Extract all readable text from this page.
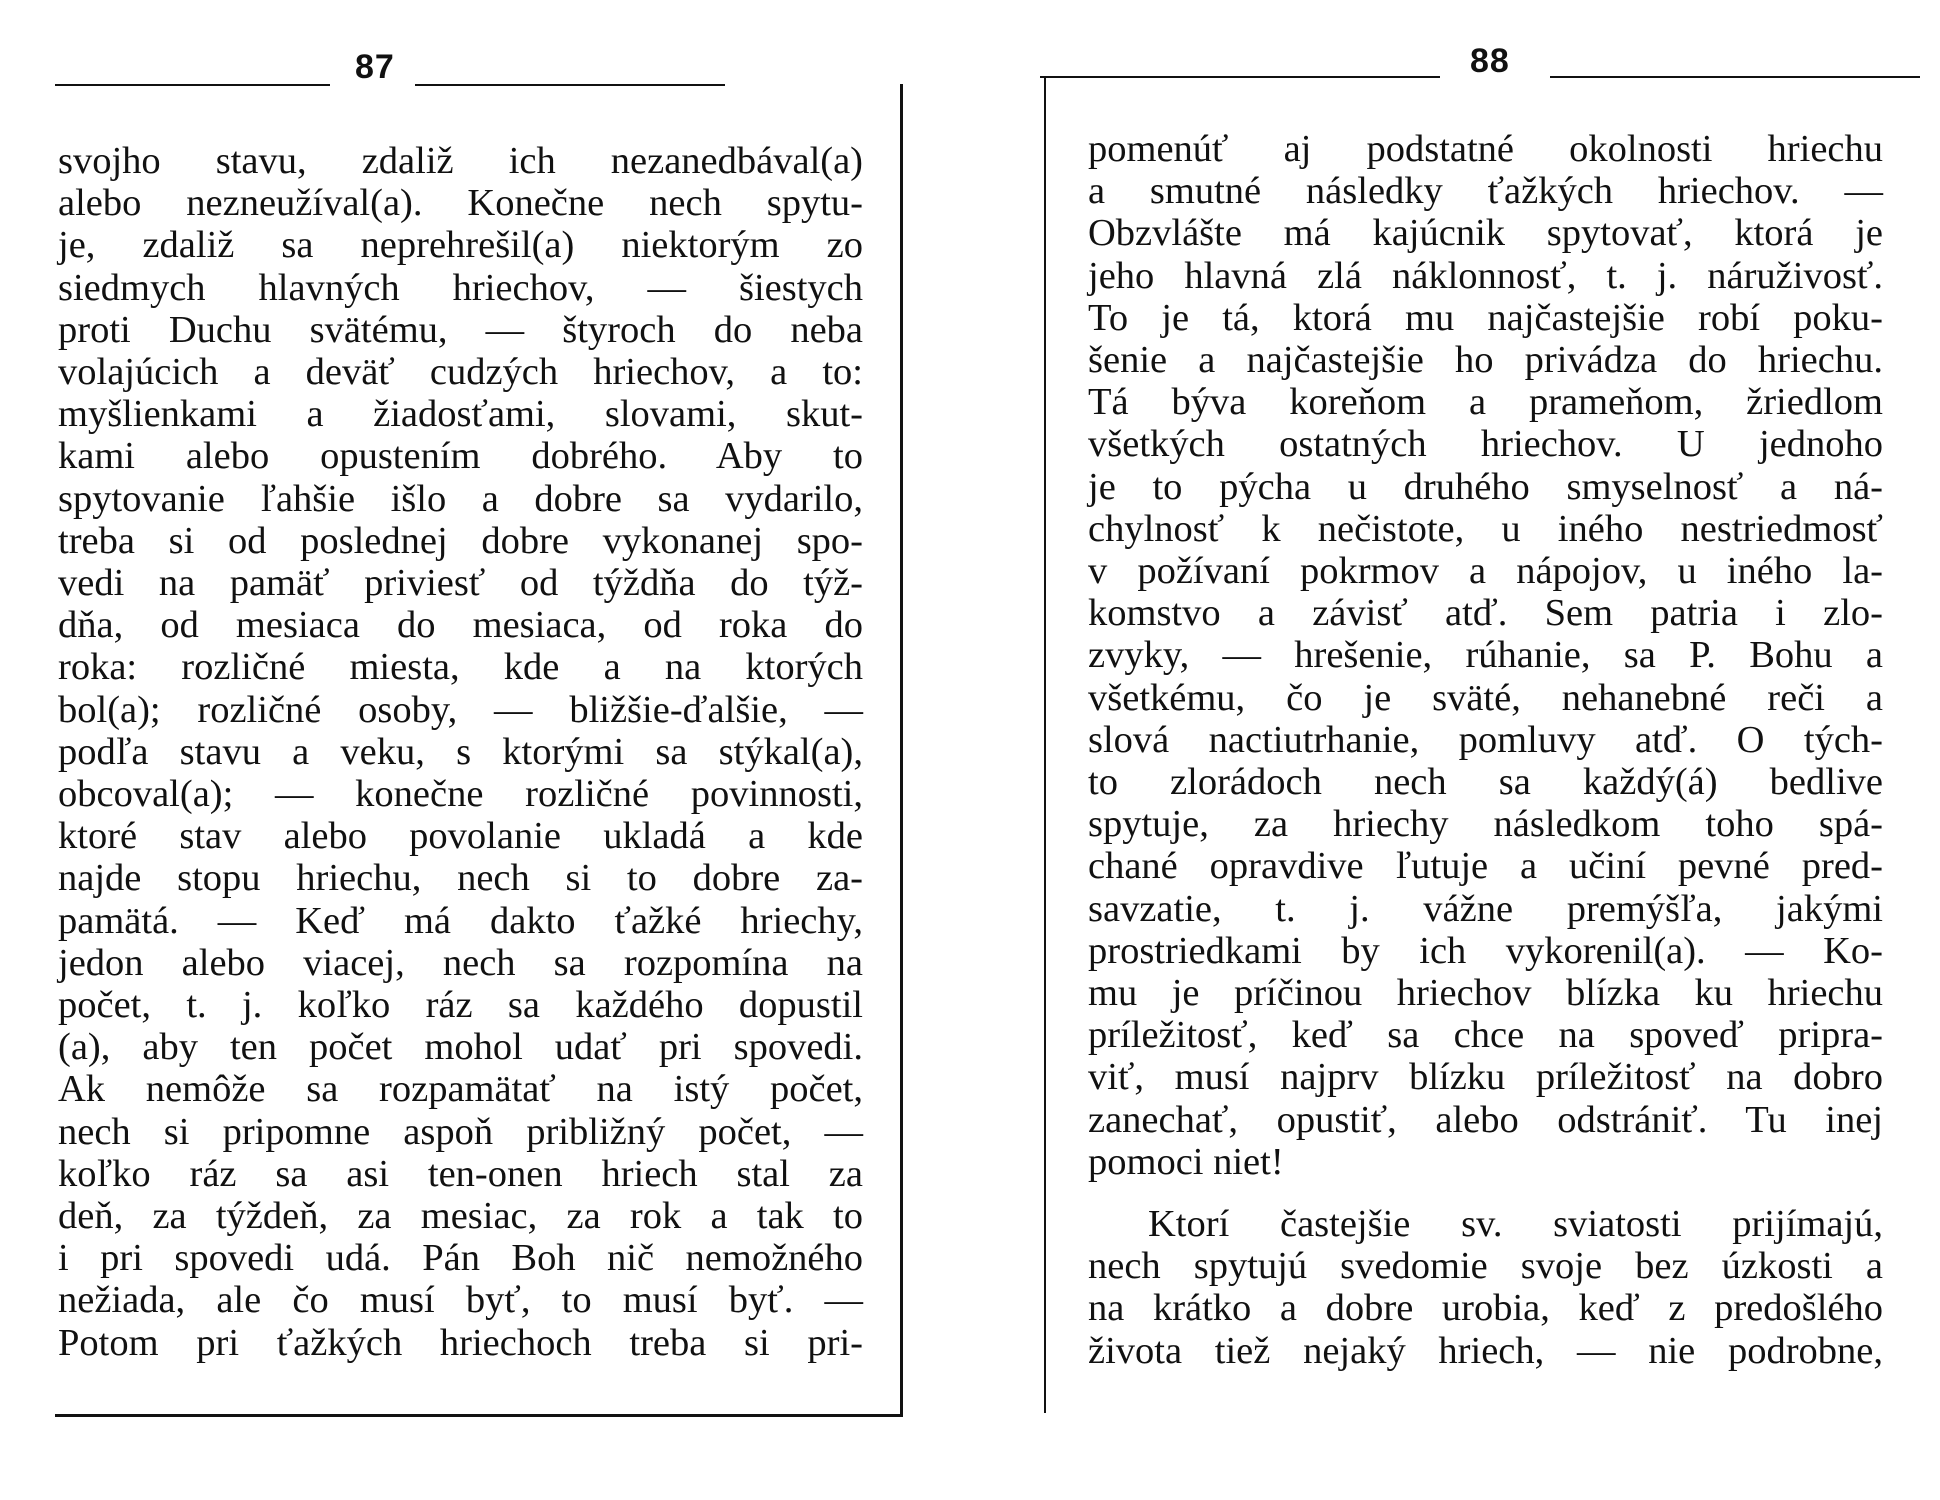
87
svojho stavu, zdaliž ich nezanedbával(a)
alebo nezneužíval(a). Konečne nech spytu-
je, zdaliž sa neprehrešil(a) niektorým zo
siedmych hlavných hriechov, — šiestych
proti Duchu svätému, — štyroch do neba
volajúcich a deväť cudzých hriechov, a to:
myšlienkami a žiadosťami, slovami, skut-
kami alebo opustením dobrého. Aby to
spytovanie ľahšie išlo a dobre sa vydarilo,
treba si od poslednej dobre vykonanej spo-
vedi na pamäť priviesť od týždňa do týž-
dňa, od mesiaca do mesiaca, od roka do
roka: rozličné miesta, kde a na ktorých
bol(a); rozličné osoby, — bližšie-ďalšie, —
podľa stavu a veku, s ktorými sa stýkal(a),
obcoval(a); — konečne rozličné povinnosti,
ktoré stav alebo povolanie ukladá a kde
najde stopu hriechu, nech si to dobre za-
pamätá. — Keď má dakto ťažké hriechy,
jedon alebo viacej, nech sa rozpomína na
počet, t. j. koľko ráz sa každého dopustil
(a), aby ten počet mohol udať pri spovedi.
Ak nemôže sa rozpamätať na istý počet,
nech si pripomne aspoň približný počet, —
koľko ráz sa asi ten-onen hriech stal za
deň, za týždeň, za mesiac, za rok a tak to
i pri spovedi udá. Pán Boh nič nemožného
nežiada, ale čo musí byť, to musí byť. —
Potom pri ťažkých hriechoch treba si pri-
88
pomenúť aj podstatné okolnosti hriechu
a smutné následky ťažkých hriechov. —
Obzvlášte má kajúcnik spytovať, ktorá je
jeho hlavná zlá náklonnosť, t. j. náruživosť.
To je tá, ktorá mu najčastejšie robí poku-
šenie a najčastejšie ho privádza do hriechu.
Tá býva koreňom a prameňom, žriedlom
všetkých ostatných hriechov. U jednoho
je to pýcha u druhého smyselnosť a ná-
chylnosť k nečistote, u iného nestriedmosť
v požívaní pokrmov a nápojov, u iného la-
komstvo a závisť atď. Sem patria i zlo-
zvyky, — hrešenie, rúhanie, sa P. Bohu a
všetkému, čo je sväté, nehanebné reči a
slová nactiutrhanie, pomluvy atď. O tých-
to zlorádoch nech sa každý(á) bedlive
spytuje, za hriechy následkom toho spá-
chané opravdive ľutuje a učiní pevné pred-
savzatie, t. j. vážne premýšľa, jakými
prostriedkami by ich vykorenil(a). — Ko-
mu je príčinou hriechov blízka ku hriechu
príležitosť, keď sa chce na spoveď pripra-
viť, musí najprv blízku príležitosť na dobro
zanechať, opustiť, alebo odstrániť. Tu inej
pomoci niet!
Ktorí častejšie sv. sviatosti prijímajú,
nech spytujú svedomie svoje bez úzkosti a
na krátko a dobre urobia, keď z predošlého
života tiež nejaký hriech, — nie podrobne,
